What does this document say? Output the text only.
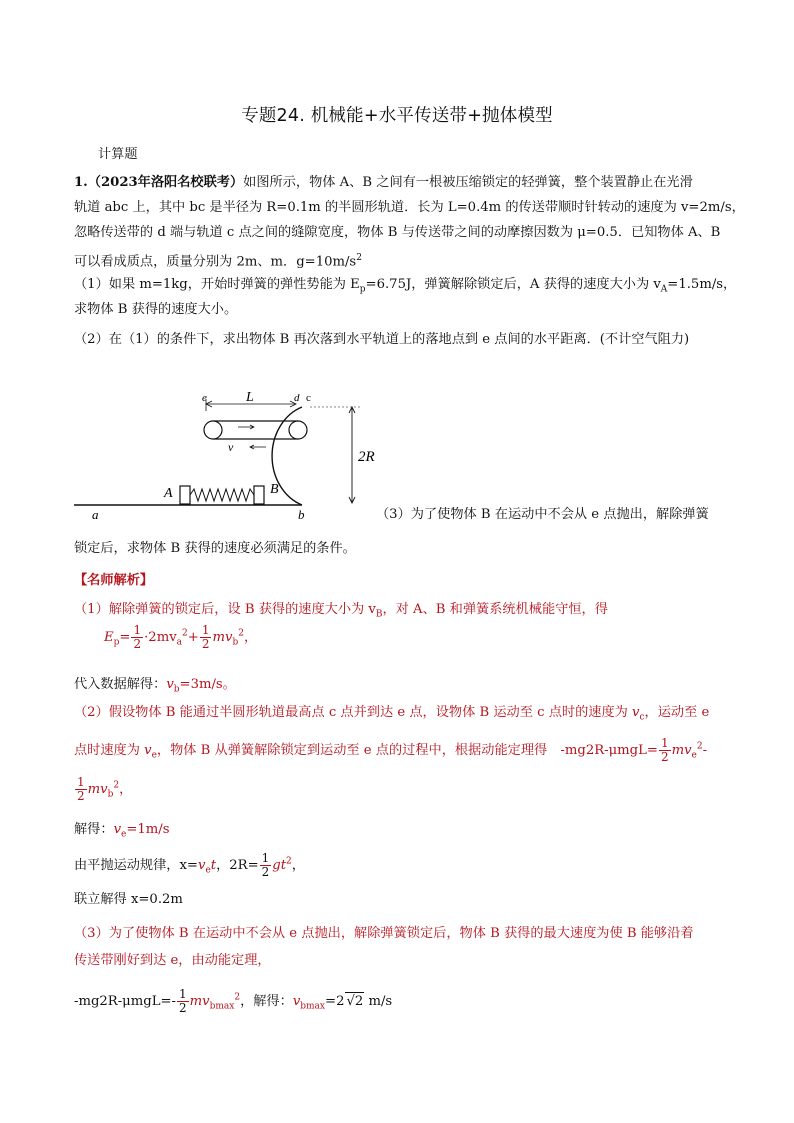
专题24. 机械能+水平传送带+抛体模型
计算题
1.（2023年洛阳名校联考）如图所示，物体 A、B 之间有一根被压缩锁定的轻弹簧，整个装置静止在光滑
轨道 abc 上，其中 bc 是半径为 R=0.1m 的半圆形轨道．长为 L=0.4m 的传送带顺时针转动的速度为 v=2m/s，
忽略传送带的 d 端与轨道 c 点之间的缝隙宽度，物体 B 与传送带之间的动摩擦因数为 μ=0.5．已知物体 A、B
可以看成质点，质量分别为 2m、m．$g=10m/s^2$
（1）如果 m=1kg，开始时弹簧的弹性势能为 $E_p=6.75J$，弹簧解除锁定后，A 获得的速度大小为 $v_A=1.5m/s$，
求物体 B 获得的速度大小。
（2）在（1）的条件下，求出物体 B 再次落到水平轨道上的落地点到 e 点间的水平距离．(不计空气阻力)
e	L	d c
v
2R
A	B
a	b	（3）为了使物体 B 在运动中不会从 e 点抛出，解除弹簧
锁定后，求物体 B 获得的速度必须满足的条件。
【名师解析】
（1）解除弹簧的锁定后，设 B 获得的速度大小为 $v_B$，对 A、B 和弹簧系统机械能守恒，得
$E_p= \frac{1}{2} \cdot 2mv_a^2+ \frac{1}{2} mv_b^2$，
代入数据解得：$v_b=3m/s$。
（2）假设物体 B 能通过半圆形轨道最高点 c 点并到达 e 点，设物体 B 运动至 c 点时的速度为 $v_c$，运动至 e
点时速度为 $v_e$，物体 B 从弹簧解除锁定到运动至 e 点的过程中，根据动能定理得　$-mg2R-\mu mgL= \frac{1}{2} mv_e^2-$
$\frac{1}{2} mv_b^2$，
解得：$v_e=1m/s$
由平抛运动规律，$x=v_et$，$2R= \frac{1}{2} gt^2$，
联立解得 x=0.2m
（3）为了使物体 B 在运动中不会从 e 点抛出，解除弹簧锁定后，物体 B 获得的最大速度为使 B 能够沿着
传送带刚好到达 e，由动能定理，
$-mg2R-\mu mgL=- \frac{1}{2} mv_{bmax}^2$，解得：$v_{bmax}=2$ √2 m/s
